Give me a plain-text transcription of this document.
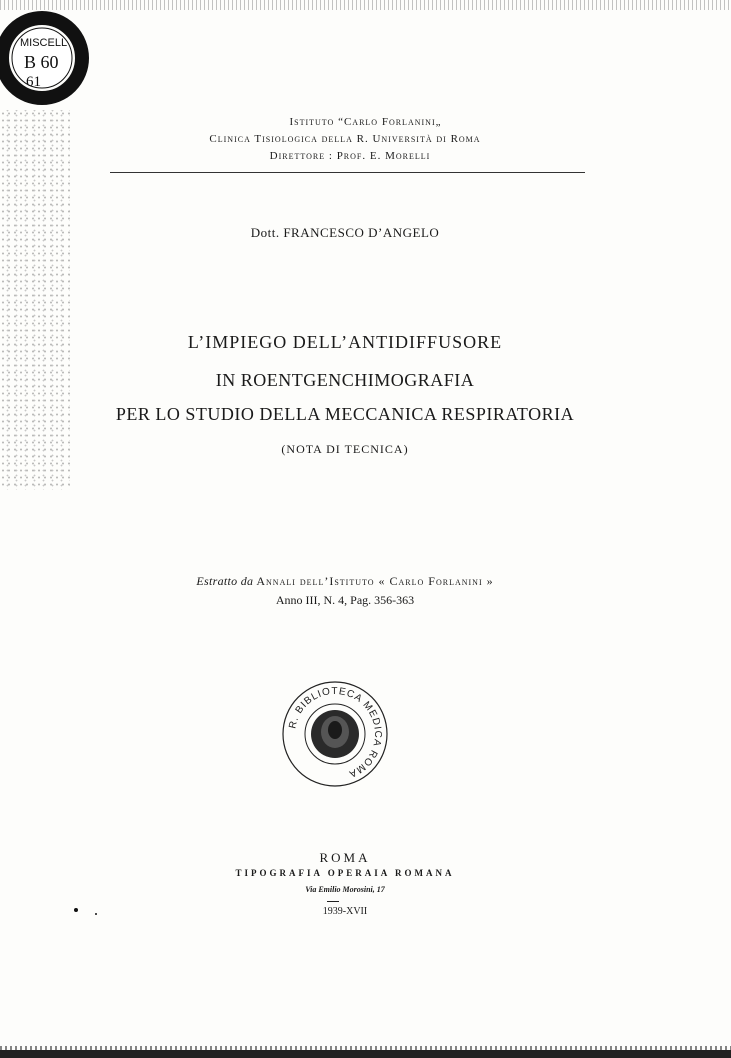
MISCELL
B 60
61
Istituto “Carlo Forlanini„
Clinica Tisiologica della R. Università di Roma
Direttore : Prof. E. Morelli
Dott. FRANCESCO D’ANGELO
L’IMPIEGO DELL’ANTIDIFFUSORE
IN ROENTGENCHIMOGRAFIA
PER LO STUDIO DELLA MECCANICA RESPIRATORIA
(NOTA DI TECNICA)
Estratto da Annali dell’Istituto « Carlo Forlanini »
Anno III, N. 4, Pag. 356-363
R. BIBLIOTECA MEDICA ROMA
ROMA
TIPOGRAFIA OPERAIA ROMANA
Via Emilio Morosini, 17
1939-XVII
